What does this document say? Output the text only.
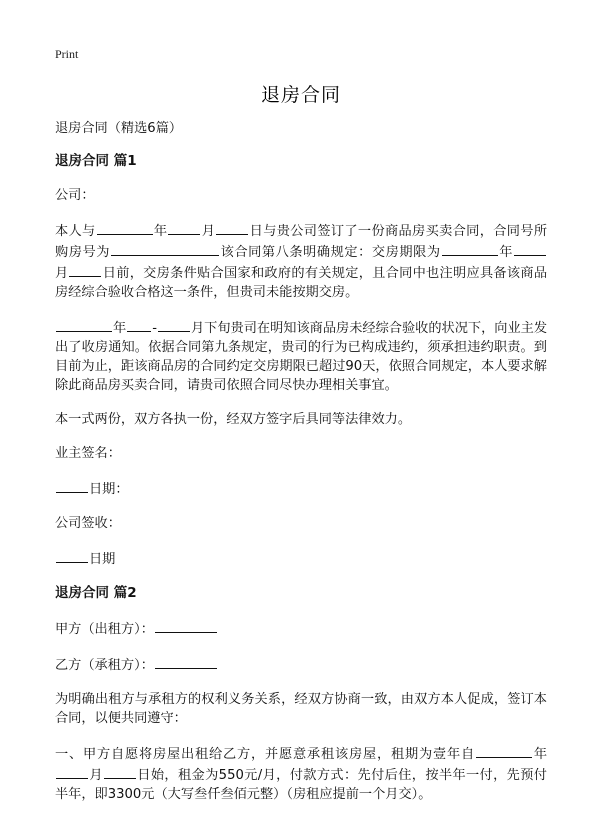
Print
退房合同

退房合同（精选6篇）

退房合同 篇1

公司：

本人与	年	月	日与贵公司签订了一份商品房买卖合同，合同号所购房号为	该合同第八条明确规定：交房期限为	年月	日前，交房条件贴合国家和政府的有关规定，且合同中也注明应具备该商品房经综合验收合格这一条件，但贵司未能按期交房。

年 -	月下旬贵司在明知该商品房未经综合验收的状况下，向业主发出了收房通知。依据合同第九条规定，贵司的行为已构成违约，须承担违约职责。到目前为止，距该商品房的合同约定交房期限已超过90天，依照合同规定，本人要求解除此商品房买卖合同，请贵司依照合同尽快办理相关事宜。

本一式两份，双方各执一份，经双方签字后具同等法律效力。

业主签名：

日期：

公司签收：

日期

退房合同 篇2

甲方（出租方）：

乙方（承租方）：

为明确出租方与承租方的权利义务关系，经双方协商一致，由双方本人促成，签订本合同，以便共同遵守：

一、甲方自愿将房屋出租给乙方，并愿意承租该房屋，租期为壹年自	年月	日始，租金为550元/月，付款方式：先付后住，按半年一付，先预付半年，即3300元（大写叁仟叁佰元整）（房租应提前一个月交）。
